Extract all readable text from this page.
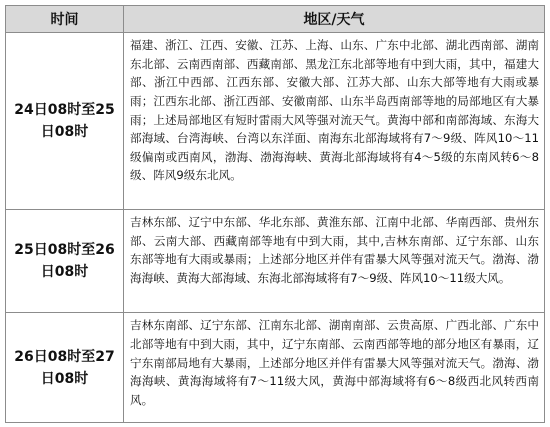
时间	地区/天气

24日08时至25
日08时	福建、浙江、江西、安徽、江苏、上海、山东、广东中北部、湖北西南部、湖南东北部、云南西南部、西藏南部、黑龙江东北部等地有中到大雨，其中，福建大部、浙江中西部、江西东部、安徽大部、江苏大部、山东大部等地有大雨或暴雨；江西东北部、浙江西部、安徽南部、山东半岛西南部等地的局部地区有大暴雨；上述局部地区有短时雷雨大风等强对流天气。黄海中部和南部海域、东海大部海域、台湾海峡、台湾以东洋面、南海东北部海域将有7～9级、阵风10～11级偏南或西南风，渤海、渤海海峡、黄海北部海域将有4～5级的东南风转6～8级、阵风9级东北风。

25日08时至26
日08时	吉林东部、辽宁中东部、华北东部、黄淮东部、江南中北部、华南西部、贵州东部、云南大部、西藏南部等地有中到大雨，其中,吉林东南部、辽宁东部、山东东部等地有大雨或暴雨；上述部分地区并伴有雷暴大风等强对流天气。渤海、渤海海峡、黄海大部海域、东海北部海域将有7～9级、阵风10～11级大风。

26日08时至27
日08时	吉林东南部、辽宁东部、江南东北部、湖南南部、云贵高原、广西北部、广东中北部等地有中到大雨，其中，辽宁东南部、云南西部等地的部分地区有暴雨，辽宁东南部局地有大暴雨，上述部分地区并伴有雷暴大风等强对流天气。渤海、渤海海峡、黄海海域将有7～11级大风，黄海中部海域将有6～8级西北风转西南风。
